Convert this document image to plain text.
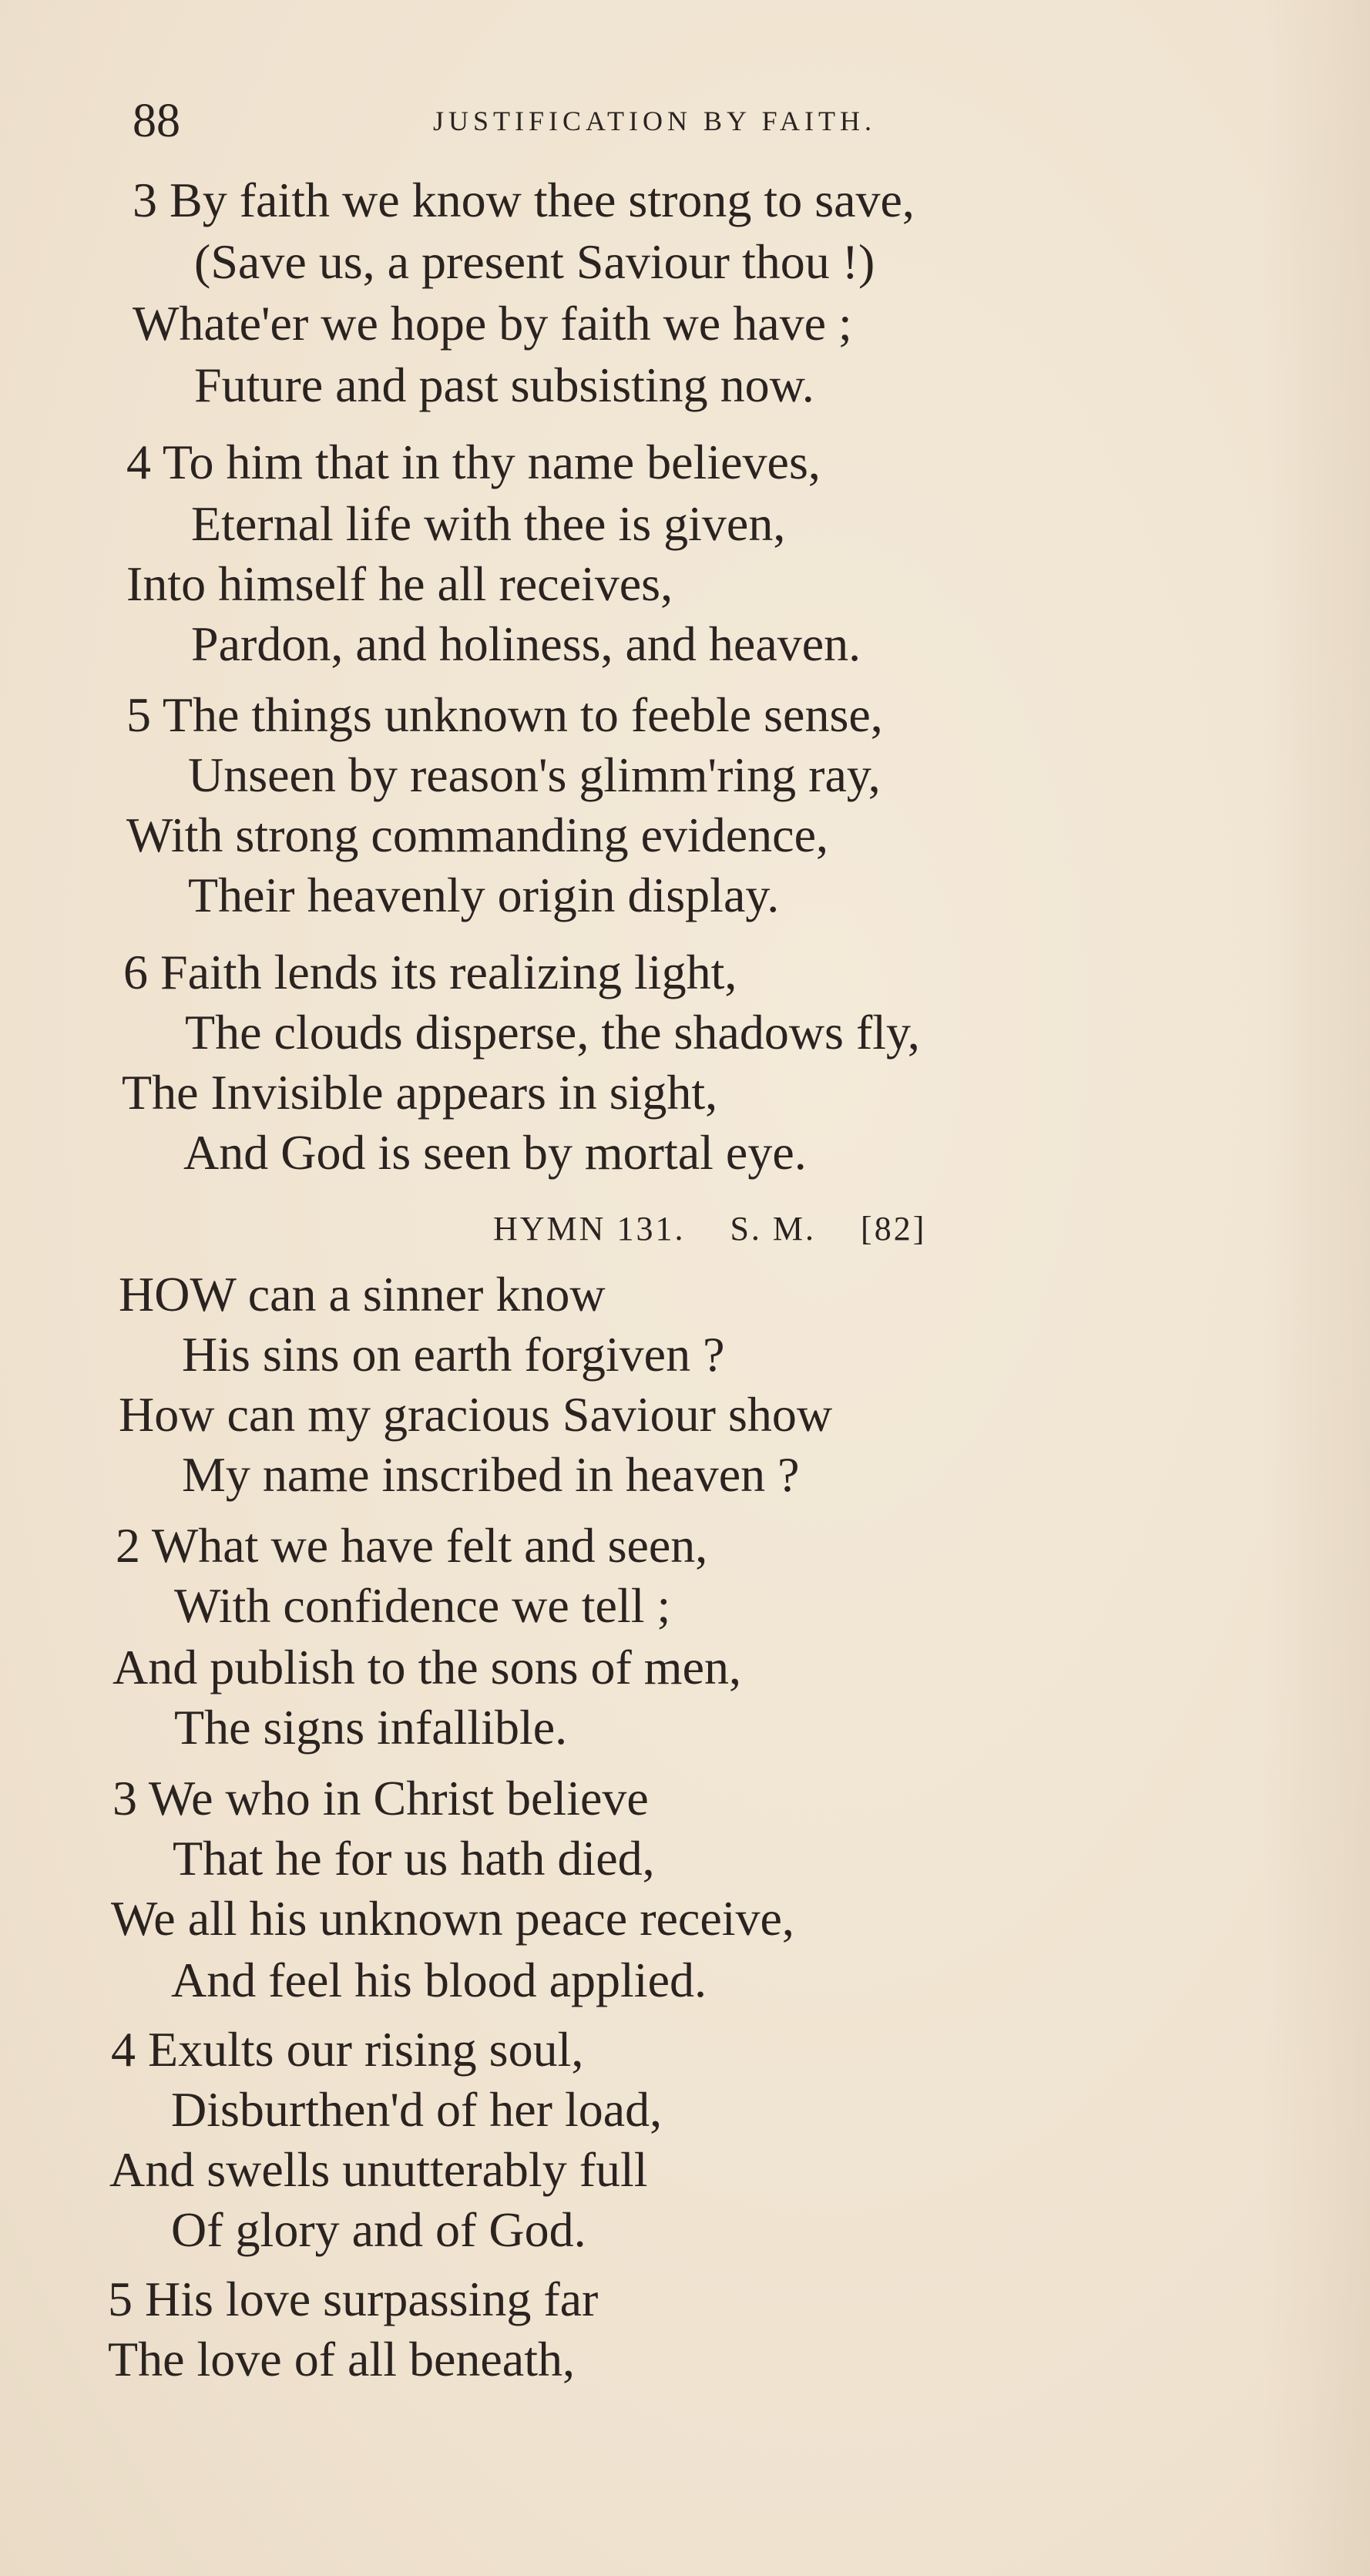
88	JUSTIFICATION BY FAITH.
3 By faith we know thee strong to save,
(Save us, a present Saviour thou !)
Whate'er we hope by faith we have ;
Future and past subsisting now.
4 To him that in thy name believes,
Eternal life with thee is given,
Into himself he all receives,
Pardon, and holiness, and heaven.
5 The things unknown to feeble sense,
Unseen by reason's glimm'ring ray,
With strong commanding evidence,
Their heavenly origin display.
6 Faith lends its realizing light,
The clouds disperse, the shadows fly,
The Invisible appears in sight,
And God is seen by mortal eye.
HYMN 131. S. M. [82]
HOW can a sinner know
His sins on earth forgiven ?
How can my gracious Saviour show
My name inscribed in heaven ?
2 What we have felt and seen,
With confidence we tell ;
And publish to the sons of men,
The signs infallible.
3 We who in Christ believe
That he for us hath died,
We all his unknown peace receive,
And feel his blood applied.
4 Exults our rising soul,
Disburthen'd of her load,
And swells unutterably full
Of glory and of God.
5 His love surpassing far
The love of all beneath,
